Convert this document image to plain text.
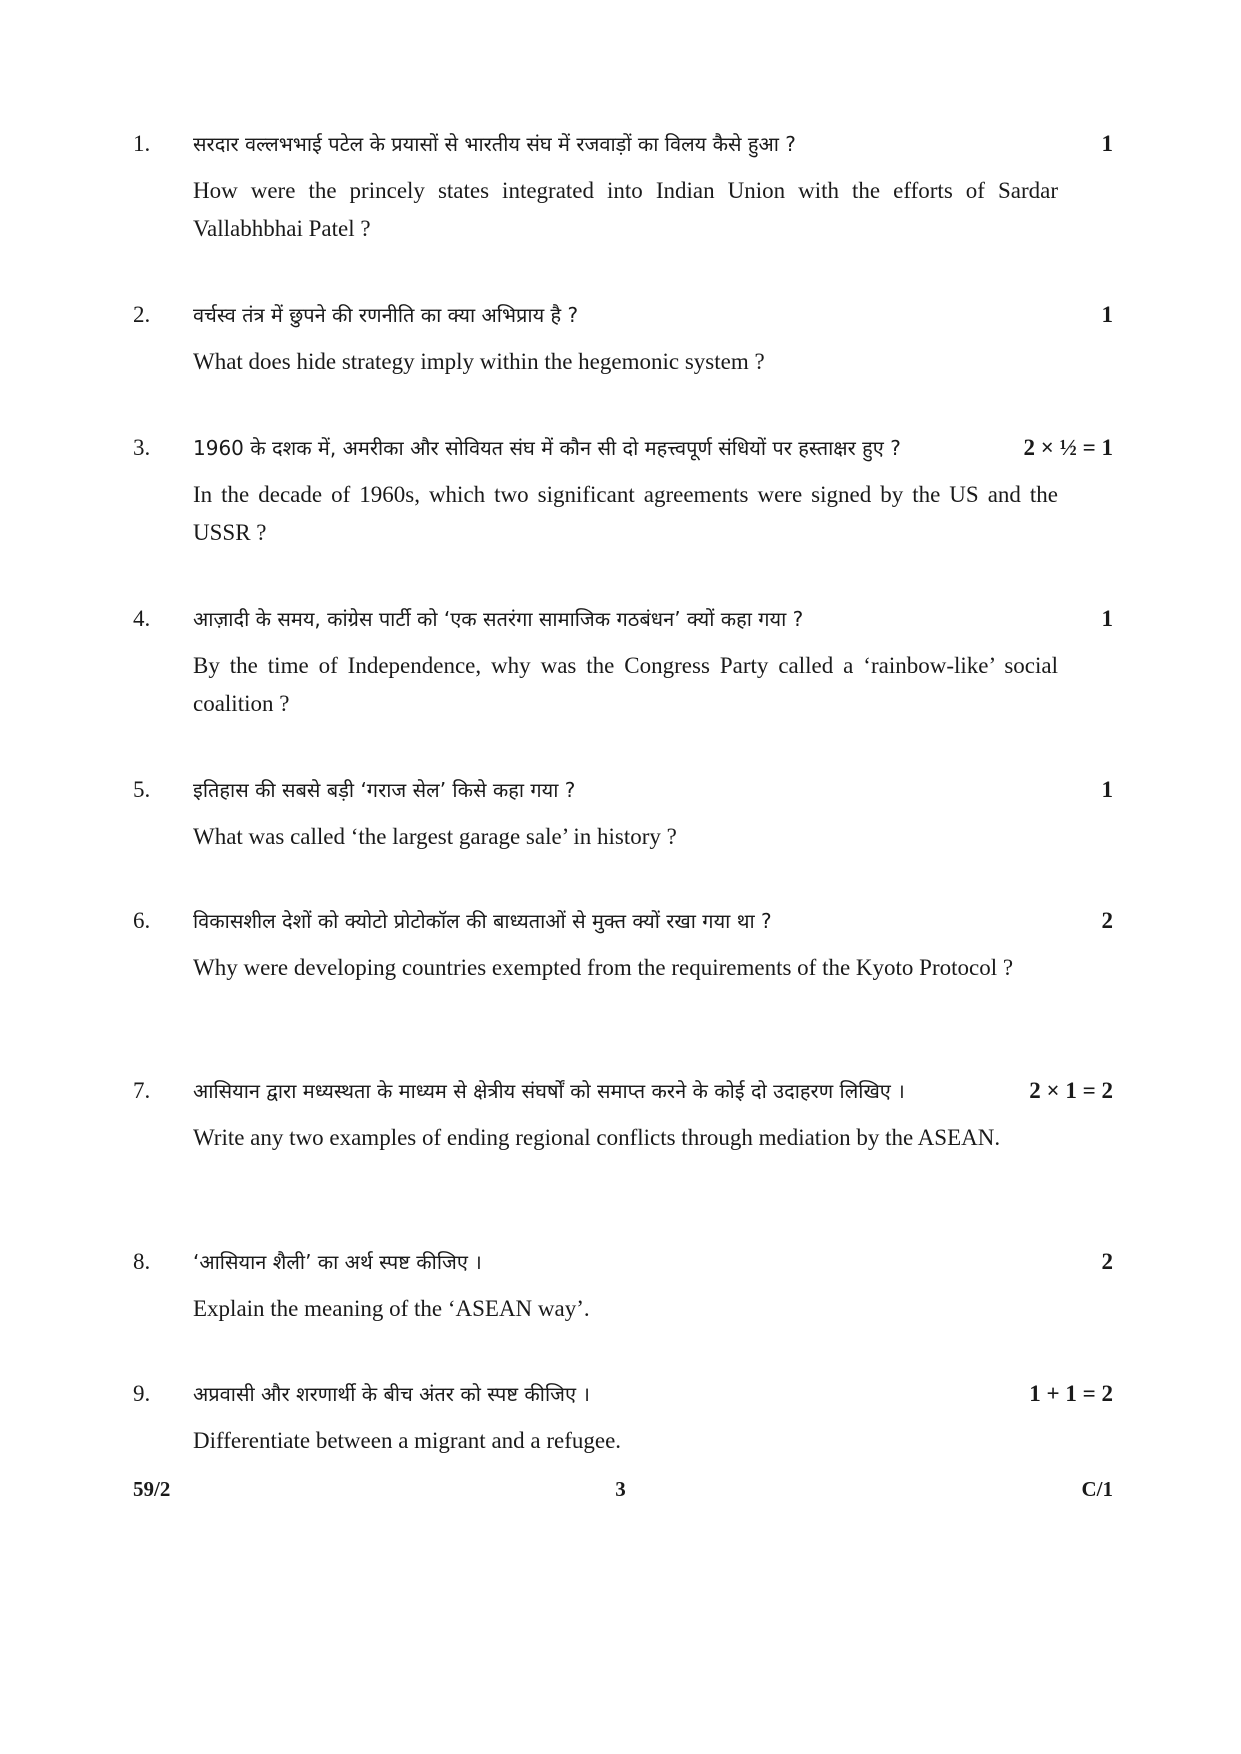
1. सरदार वल्लभभाई पटेल के प्रयासों से भारतीय संघ में रजवाड़ों का विलय कैसे हुआ ?	1
How were the princely states integrated into Indian Union with the efforts of Sardar Vallabhbhai Patel ?
2. वर्चस्व तंत्र में छुपने की रणनीति का क्या अभिप्राय है ?	1
What does hide strategy imply within the hegemonic system ?
3. 1960 के दशक में, अमरीका और सोवियत संघ में कौन सी दो महत्त्वपूर्ण संधियों पर हस्ताक्षर हुए ?	2 × ½ = 1
In the decade of 1960s, which two significant agreements were signed by the US and the USSR ?
4. आज़ादी के समय, कांग्रेस पार्टी को ‘एक सतरंगा सामाजिक गठबंधन’ क्यों कहा गया ?	1
By the time of Independence, why was the Congress Party called a ‘rainbow-like’ social coalition ?
5. इतिहास की सबसे बड़ी ‘गराज सेल’ किसे कहा गया ?	1
What was called ‘the largest garage sale’ in history ?
6. विकासशील देशों को क्योटो प्रोटोकॉल की बाध्यताओं से मुक्त क्यों रखा गया था ?	2
Why were developing countries exempted from the requirements of the Kyoto Protocol ?
7. आसियान द्वारा मध्यस्थता के माध्यम से क्षेत्रीय संघर्षों को समाप्त करने के कोई दो उदाहरण लिखिए ।	2 × 1 = 2
Write any two examples of ending regional conflicts through mediation by the ASEAN.
8. ‘आसियान शैली’ का अर्थ स्पष्ट कीजिए ।	2
Explain the meaning of the ‘ASEAN way’.
9. अप्रवासी और शरणार्थी के बीच अंतर को स्पष्ट कीजिए ।	1 + 1 = 2
Differentiate between a migrant and a refugee.
59/2	3	C/1
